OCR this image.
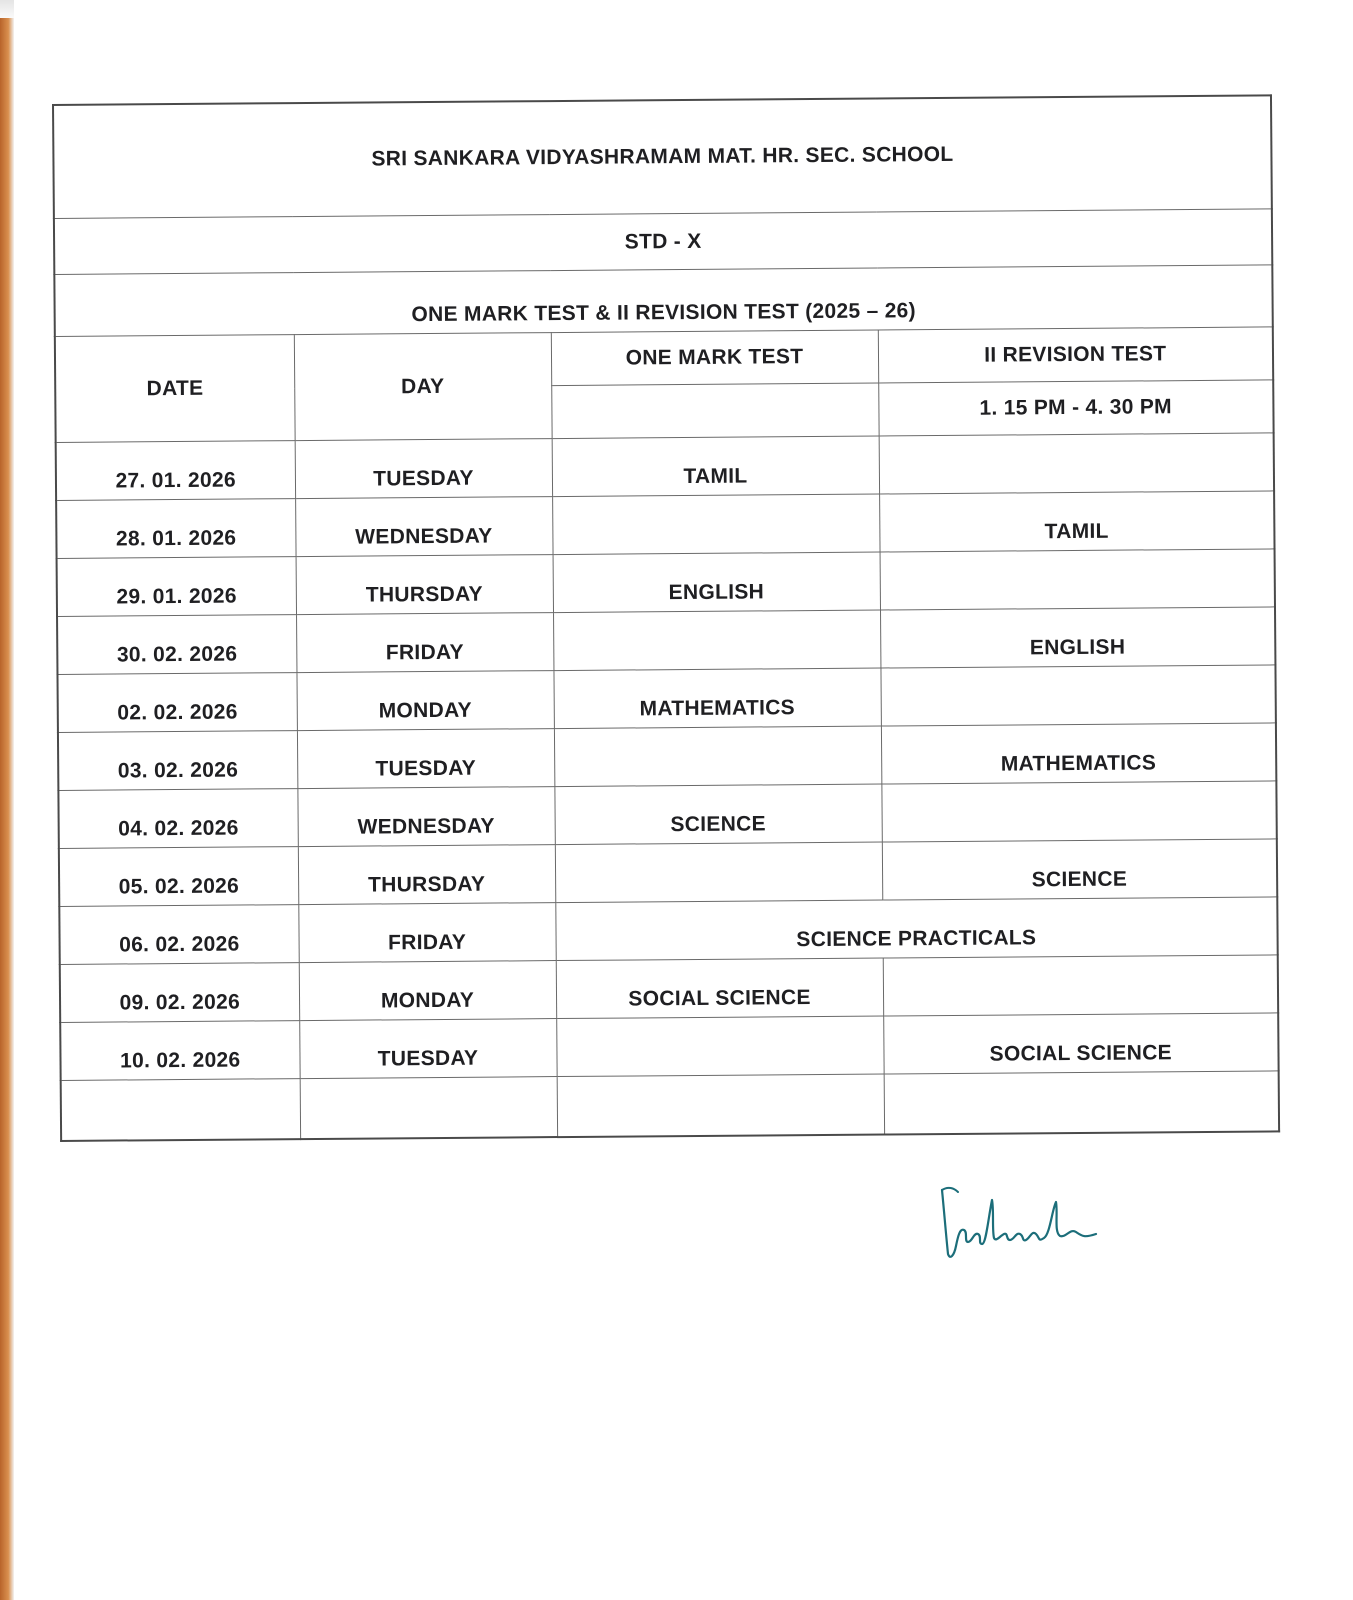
SRI SANKARA VIDYASHRAMAM MAT. HR. SEC. SCHOOL			
STD - X			
ONE MARK TEST & II REVISION TEST (2025 – 26)			
DATE	DAY	ONE MARK TEST	II REVISION TEST
			1. 15 PM - 4. 30 PM
27. 01. 2026	TUESDAY	TAMIL	
28. 01. 2026	WEDNESDAY		TAMIL
29. 01. 2026	THURSDAY	ENGLISH	
30. 02. 2026	FRIDAY		ENGLISH
02. 02. 2026	MONDAY	MATHEMATICS	
03. 02. 2026	TUESDAY		MATHEMATICS
04. 02. 2026	WEDNESDAY	SCIENCE	
05. 02. 2026	THURSDAY		SCIENCE
06. 02. 2026	FRIDAY	SCIENCE PRACTICALS	
09. 02. 2026	MONDAY	SOCIAL SCIENCE	
10. 02. 2026	TUESDAY		SOCIAL SCIENCE
